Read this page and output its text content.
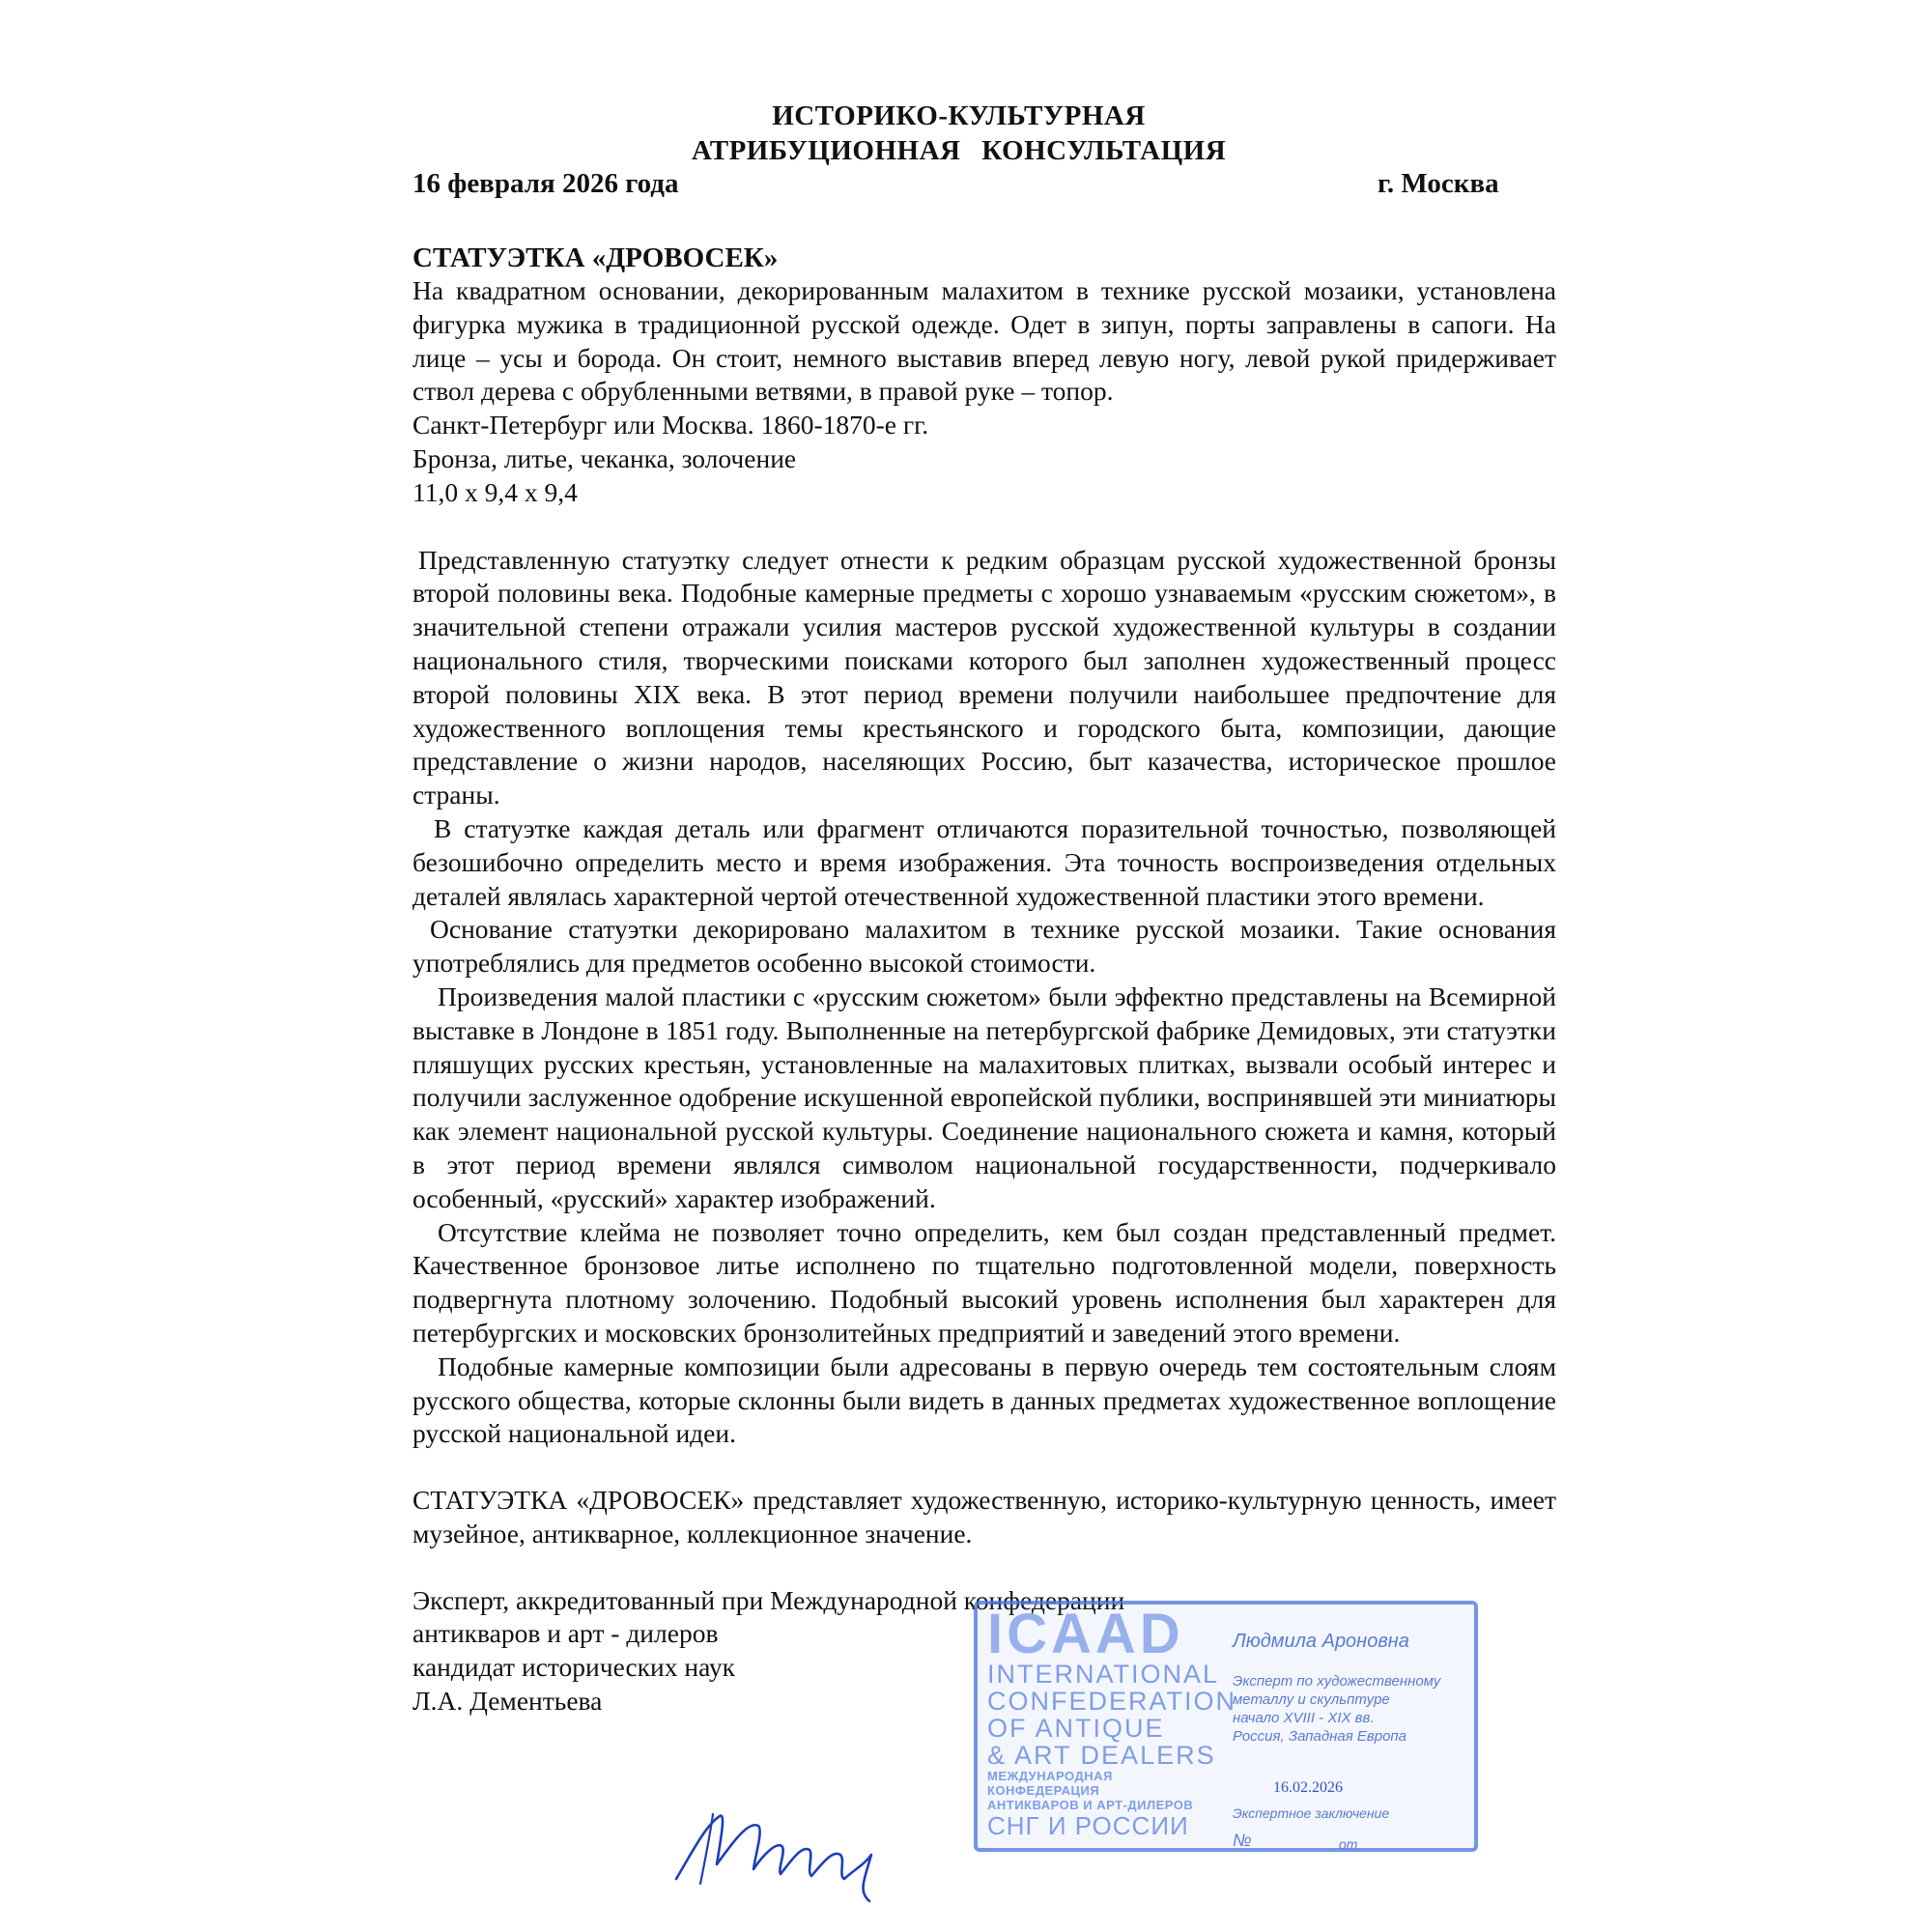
ИСТОРИКО-КУЛЬТУРНАЯ
АТРИБУЦИОННАЯ КОНСУЛЬТАЦИЯ
16 февраля 2026 года	г. Москва

СТАТУЭТКА «ДРОВОСЕК»

На квадратном основании, декорированным малахитом в технике русской мозаики, установлена фигурка мужика в традиционной русской одежде. Одет в зипун, порты заправлены в сапоги. На лице – усы и борода. Он стоит, немного выставив вперед левую ногу, левой рукой придерживает ствол дерева с обрубленными ветвями, в правой руке – топор.

Санкт-Петербург или Москва. 1860-1870-е гг.

Бронза, литье, чеканка, золочение

11,0 х 9,4 х 9,4

Представленную статуэтку следует отнести к редким образцам русской художественной бронзы второй половины века. Подобные камерные предметы с хорошо узнаваемым «русским сюжетом», в значительной степени отражали усилия мастеров русской художественной культуры в создании национального стиля, творческими поисками которого был заполнен художественный процесс второй половины XIX века. В этот период времени получили наибольшее предпочтение для художественного воплощения темы крестьянского и городского быта, композиции, дающие представление о жизни народов, населяющих Россию, быт казачества, историческое прошлое страны.

В статуэтке каждая деталь или фрагмент отличаются поразительной точностью, позволяющей безошибочно определить место и время изображения. Эта точность воспроизведения отдельных деталей являлась характерной чертой отечественной художественной пластики этого времени.

Основание статуэтки декорировано малахитом в технике русской мозаики. Такие основания употреблялись для предметов особенно высокой стоимости.

Произведения малой пластики с «русским сюжетом» были эффектно представлены на Всемирной выставке в Лондоне в 1851 году. Выполненные на петербургской фабрике Демидовых, эти статуэтки пляшущих русских крестьян, установленные на малахитовых плитках, вызвали особый интерес и получили заслуженное одобрение искушенной европейской публики, воспринявшей эти миниатюры как элемент национальной русской культуры. Соединение национального сюжета и камня, который в этот период времени являлся символом национальной государственности, подчеркивало особенный, «русский» характер изображений.

Отсутствие клейма не позволяет точно определить, кем был создан представленный предмет. Качественное бронзовое литье исполнено по тщательно подготовленной модели, поверхность подвергнута плотному золочению. Подобный высокий уровень исполнения был характерен для петербургских и московских бронзолитейных предприятий и заведений этого времени.

Подобные камерные композиции были адресованы в первую очередь тем состоятельным слоям русского общества, которые склонны были видеть в данных предметах художественное воплощение русской национальной идеи.

СТАТУЭТКА «ДРОВОСЕК» представляет художественную, историко-культурную ценность, имеет музейное, антикварное, коллекционное значение.

Эксперт, аккредитованный при Международной конфедерации

антикваров и арт - дилеров

кандидат исторических наук

Л.А. Дементьева

ICAAD
INTERNATIONAL
CONFEDERATION
OF ANTIQUE
& ART DEALERS
МЕЖДУНАРОДНАЯ КОНФЕДЕРАЦИЯ
АНТИКВАРОВ И АРТ-ДИЛЕРОВ
СНГ И РОССИИ
Людмила Ароновна
Эксперт по художественному
металлу и скульптуре
начало XVIII - XIX вв.
Россия, Западная Европа
Экспертное заключение
№	от
16.02.2026
